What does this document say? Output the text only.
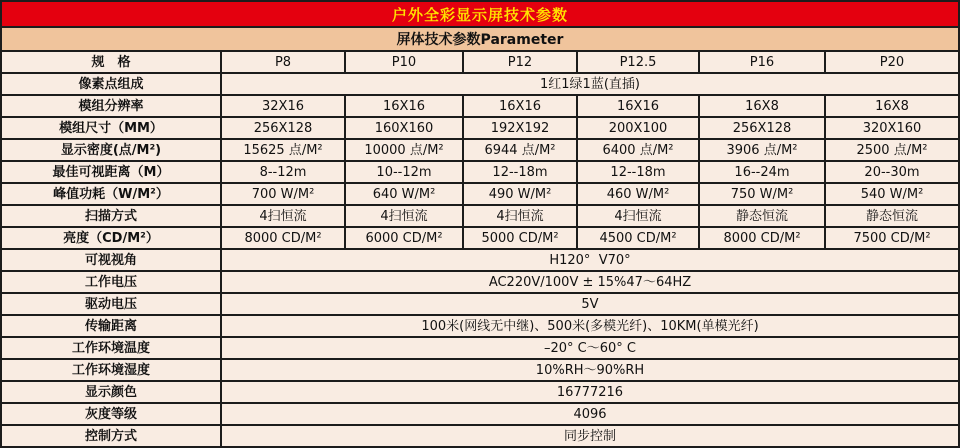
户外全彩显示屏技术参数
屏体技术参数Parameter
规　格	P8	P10	P12	P12.5	P16	P20
像素点组成	1红1绿1蓝(直插)
模组分辨率	32X16	16X16	16X16	16X16	16X8	16X8
模组尺寸（MM）	256X128	160X160	192X192	200X100	256X128	320X160
显示密度(点/M²)	15625 点/M²	10000 点/M²	6944 点/M²	6400 点/M²	3906 点/M²	2500 点/M²
最佳可视距离（M）	8--12m	10--12m	12--18m	12--18m	16--24m	20--30m
峰值功耗（W/M²）	700 W/M²	640 W/M²	490 W/M²	460 W/M²	750 W/M²	540 W/M²
扫描方式	4扫恒流	4扫恒流	4扫恒流	4扫恒流	静态恒流	静态恒流
亮度（CD/M²）	8000 CD/M²	6000 CD/M²	5000 CD/M²	4500 CD/M²	8000 CD/M²	7500 CD/M²
可视视角	H120°  V70°
工作电压	AC220V/100V ± 15%47～64HZ
驱动电压	5V
传输距离	100米(网线无中继)、500米(多模光纤)、10KM(单模光纤)
工作环境温度	–20° C～60° C
工作环境湿度	10%RH～90%RH
显示颜色	16777216
灰度等级	4096
控制方式	同步控制
